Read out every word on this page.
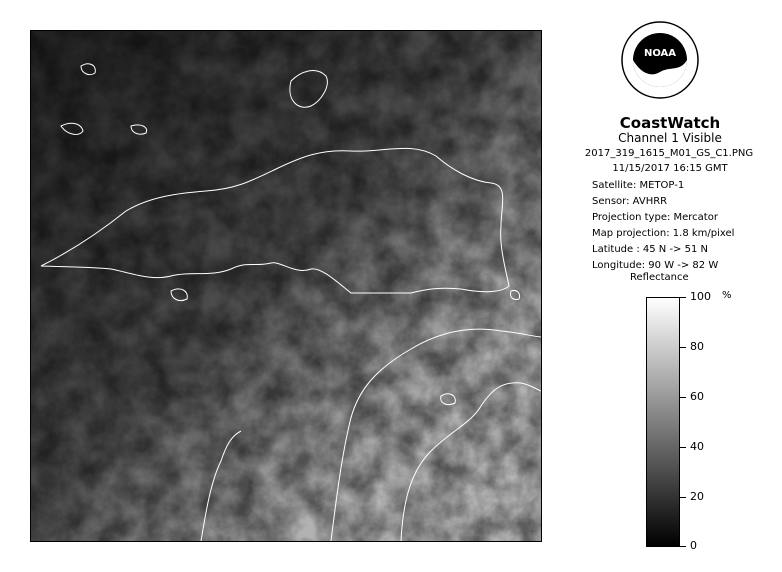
NOAA
CoastWatch
Channel 1 Visible
2017_319_1615_M01_GS_C1.PNG
11/15/2017 16:15 GMT
Satellite: METOP-1
Sensor: AVHRR
Projection type: Mercator
Map projection: 1.8 km/pixel
Latitude : 45 N -> 51 N
Longitude: 90 W -> 82 W
Reflectance
%
100
80
60
40
20
0
